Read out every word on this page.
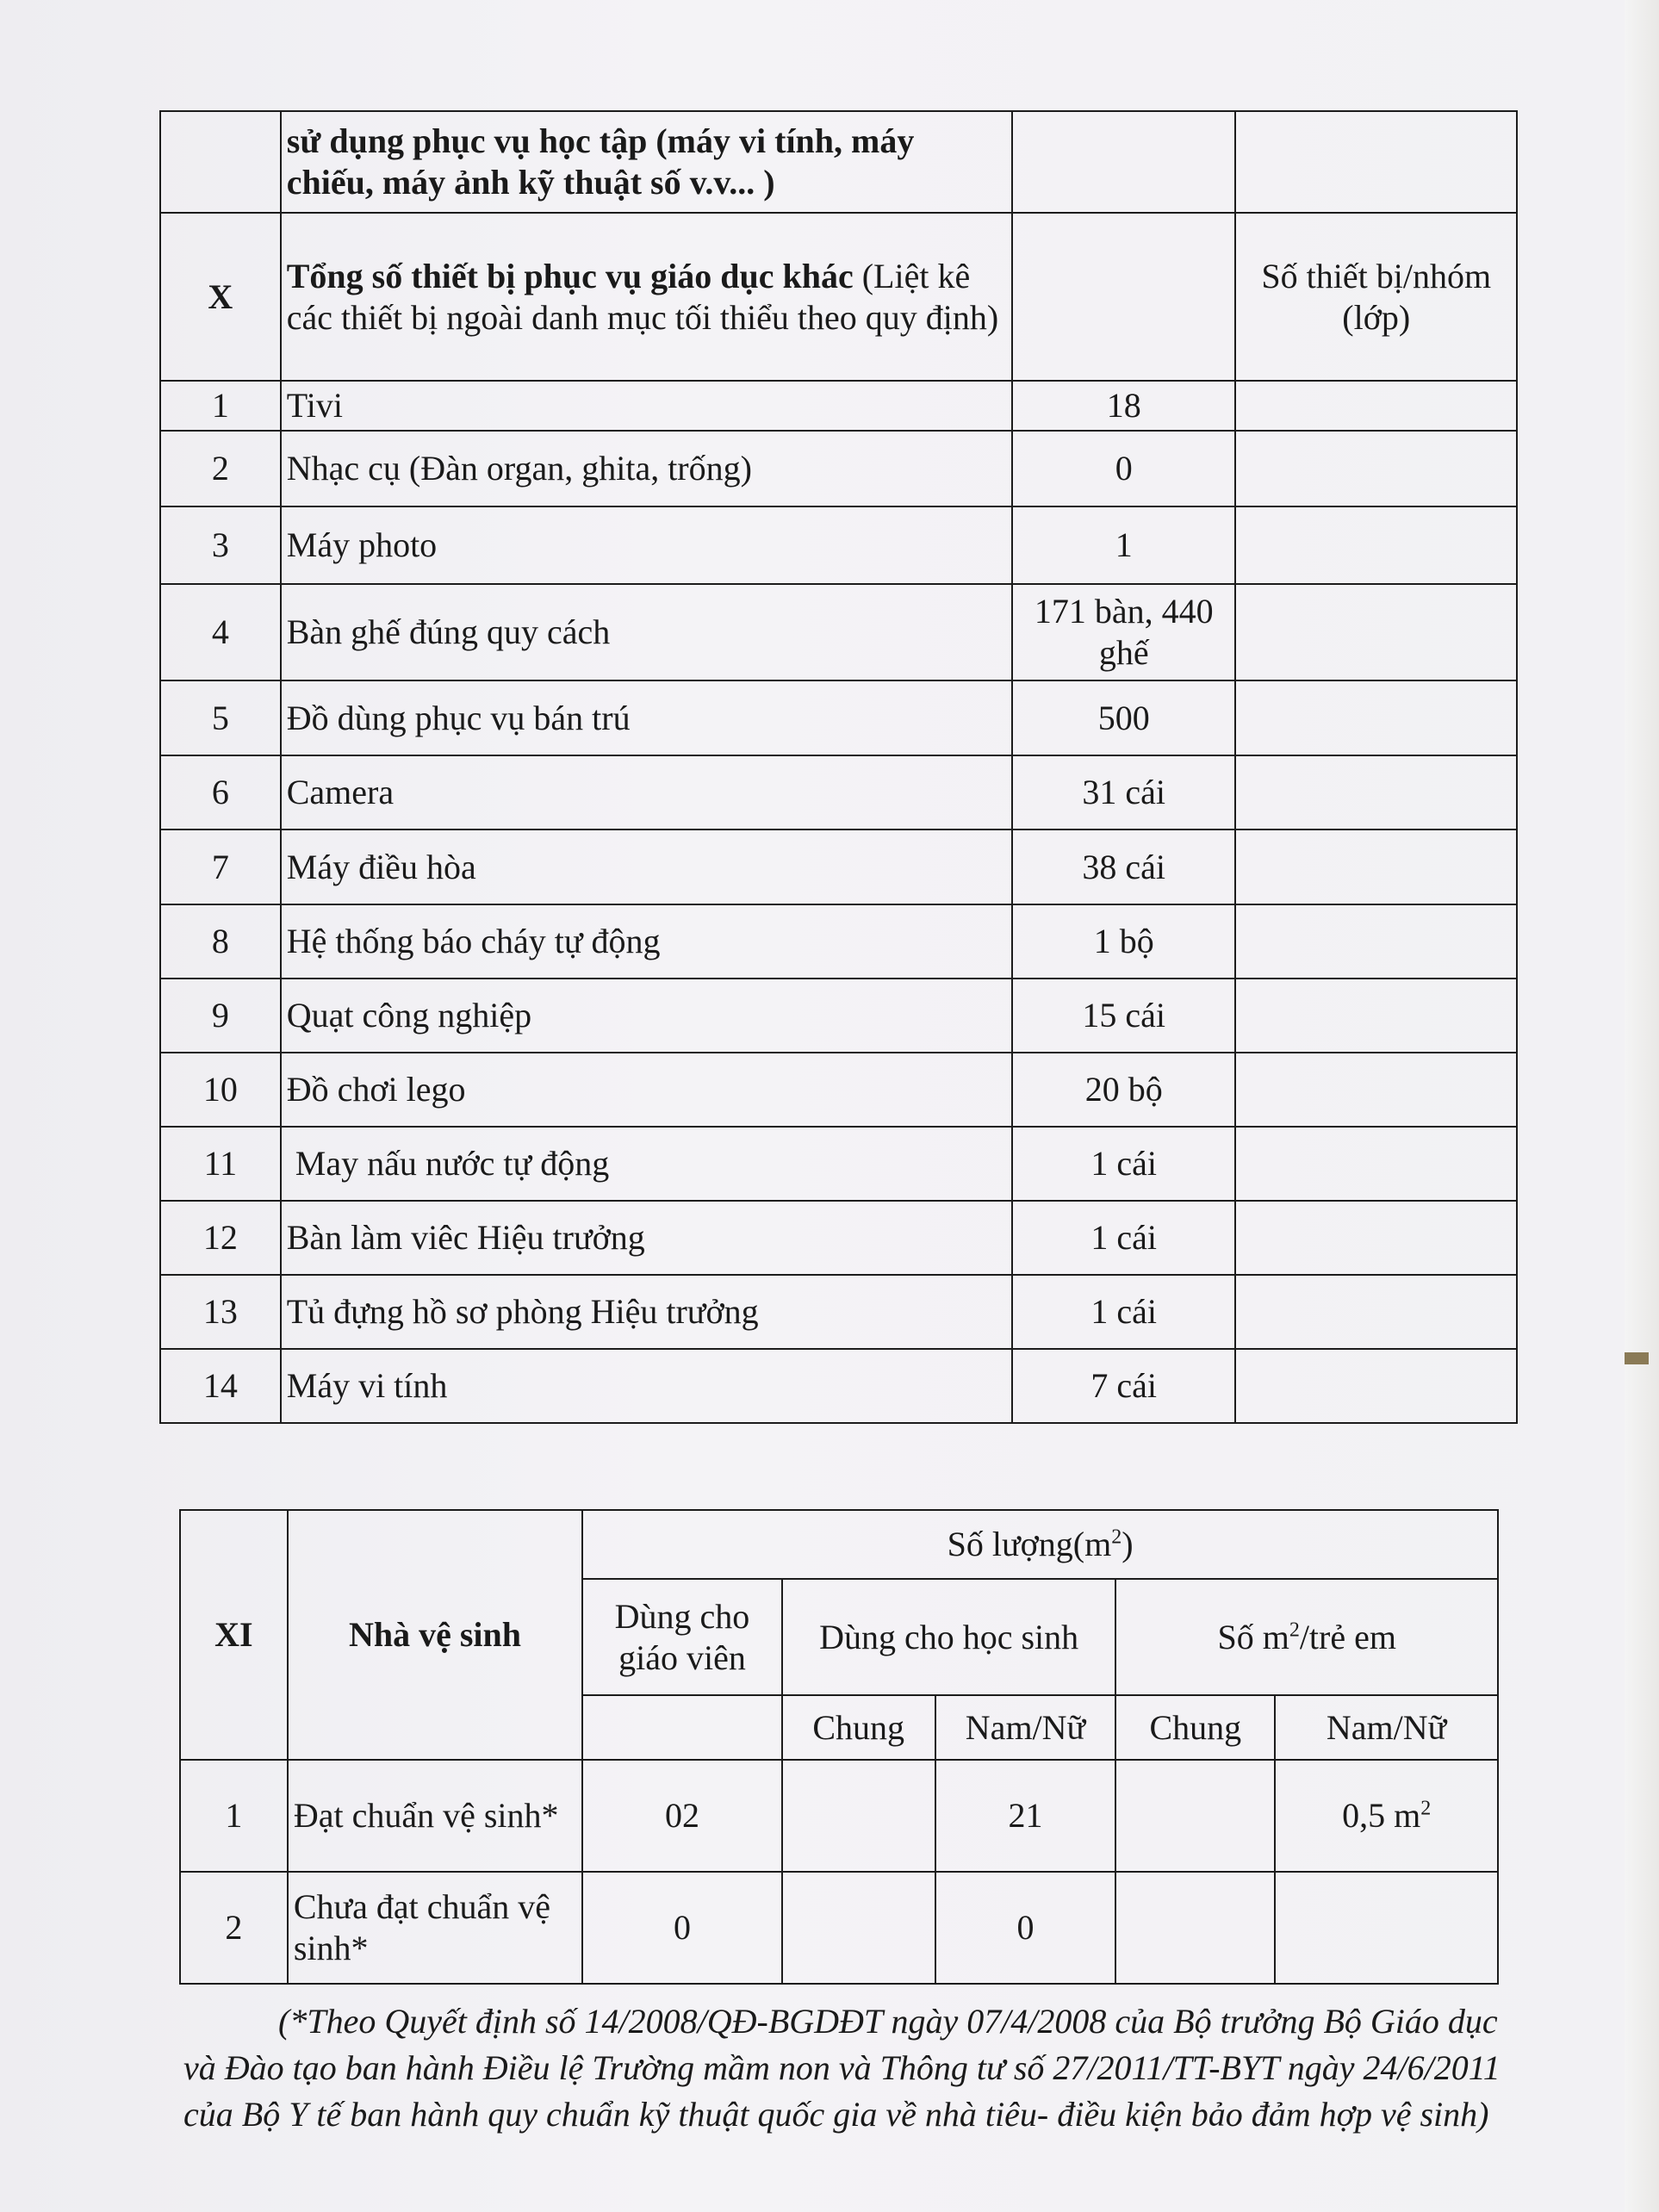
	sử dụng phục vụ học tập (máy vi tính, máy chiếu, máy ảnh kỹ thuật số v.v... )		
X	Tổng số thiết bị phục vụ giáo dục khác (Liệt kê các thiết bị ngoài danh mục tối thiểu theo quy định)		Số thiết bị/nhóm (lớp)
1	Tivi	18	
2	Nhạc cụ (Đàn organ, ghita, trống)	0	
3	Máy photo	1	
4	Bàn ghế đúng quy cách	171 bàn, 440 ghế	
5	Đồ dùng phục vụ bán trú	500	
6	Camera	31 cái	
7	Máy điều hòa	38 cái	
8	Hệ thống báo cháy tự động	1 bộ	
9	Quạt công nghiệp	15 cái	
10	Đồ chơi lego	20 bộ	
11	May nấu nước tự động	1 cái	
12	Bàn làm viêc Hiệu trưởng	1 cái	
13	Tủ đựng hồ sơ phòng Hiệu trưởng	1 cái	
14	Máy vi tính	7 cái	
XI	Nhà vệ sinh	Số $lượng(m^2)$				
		Dùng cho giáo viên	Dùng cho học sinh		Số $m^2$/trẻ em	
			Chung	Nam/Nữ	Chung	Nam/Nữ
1	Đạt chuẩn vệ sinh*	02		21		0,5 $m^2$
2	Chưa đạt chuẩn vệ sinh*	0		0		
(*Theo Quyết định số 14/2008/QĐ-BGDĐT ngày 07/4/2008 của Bộ trưởng Bộ Giáo dục và Đào tạo ban hành Điều lệ Trường mầm non và Thông tư số 27/2011/TT-BYT ngày 24/6/2011 của Bộ Y tế ban hành quy chuẩn kỹ thuật quốc gia về nhà tiêu- điều kiện bảo đảm hợp vệ sinh)
